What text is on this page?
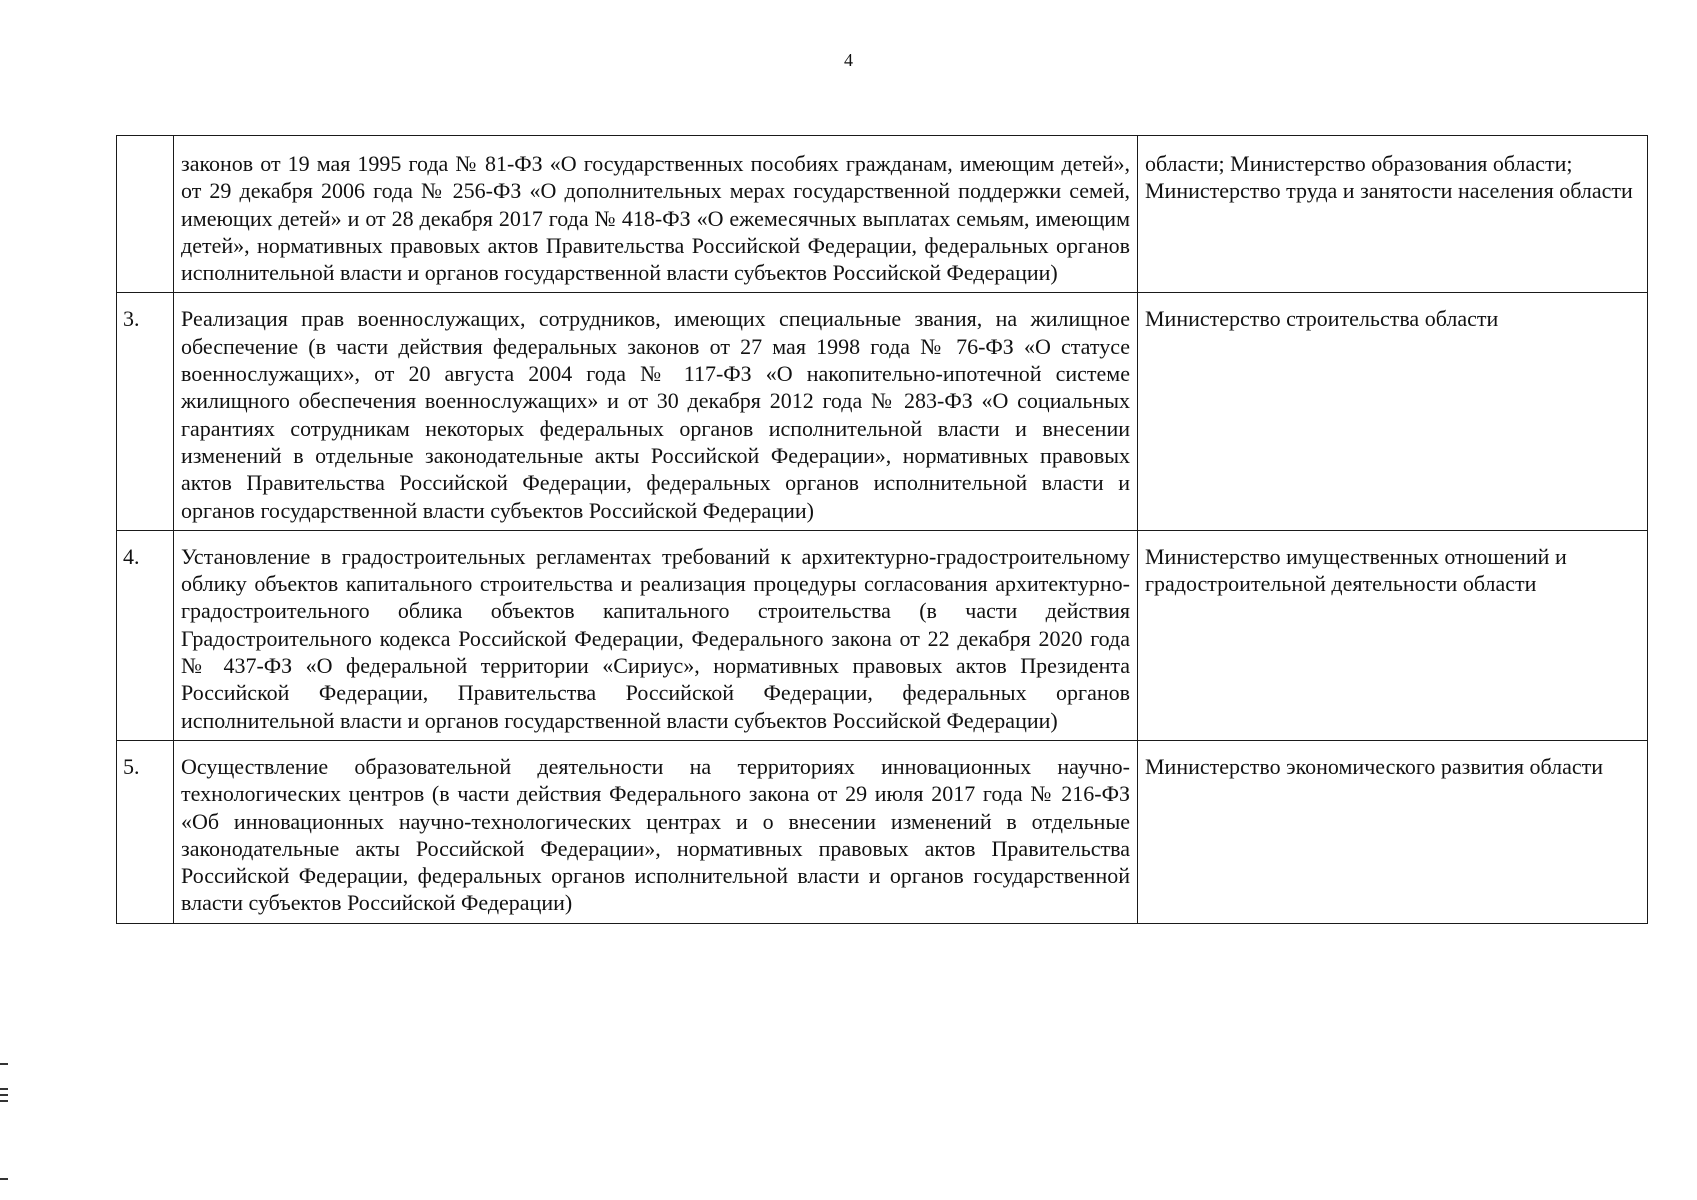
4
	законов от 19 мая 1995 года № 81-ФЗ «О государственных пособиях гражданам, имеющим детей», от 29 декабря 2006 года № 256-ФЗ «О дополнительных мерах государственной поддержки семей, имеющих детей» и от 28 декабря 2017 года № 418-ФЗ «О ежемесячных выплатах семьям, имеющим детей», нормативных правовых актов Правительства Российской Федерации, федеральных органов исполнительной власти и органов государственной власти субъектов Российской Федерации)	области; Министерство образования области; Министерство труда и занятости населения области
3.	Реализация прав военнослужащих, сотрудников, имеющих специальные звания, на жилищное обеспечение (в части действия федеральных законов от 27 мая 1998 года № 76-ФЗ «О статусе военнослужащих», от 20 августа 2004 года № 117-ФЗ «О накопительно-ипотечной системе жилищного обеспечения военнослужащих» и от 30 декабря 2012 года № 283-ФЗ «О социальных гарантиях сотрудникам некоторых федеральных органов исполнительной власти и внесении изменений в отдельные законодательные акты Российской Федерации», нормативных правовых актов Правительства Российской Федерации, федеральных органов исполнительной власти и органов государственной власти субъектов Российской Федерации)	Министерство строительства области
4.	Установление в градостроительных регламентах требований к архитектурно-градостроительному облику объектов капитального строительства и реализация процедуры согласования архитектурно-градостроительного облика объектов капитального строительства (в части действия Градостроительного кодекса Российской Федерации, Федерального закона от 22 декабря 2020 года № 437-ФЗ «О федеральной территории «Сириус», нормативных правовых актов Президента Российской Федерации, Правительства Российской Федерации, федеральных органов исполнительной власти и органов государственной власти субъектов Российской Федерации)	Министерство имущественных отношений и градостроительной деятельности области
5.	Осуществление образовательной деятельности на территориях инновационных научно-технологических центров (в части действия Федерального закона от 29 июля 2017 года № 216-ФЗ «Об инновационных научно-технологических центрах и о внесении изменений в отдельные законодательные акты Российской Федерации», нормативных правовых актов Правительства Российской Федерации, федеральных органов исполнительной власти и органов государственной власти субъектов Российской Федерации)	Министерство экономического развития области
